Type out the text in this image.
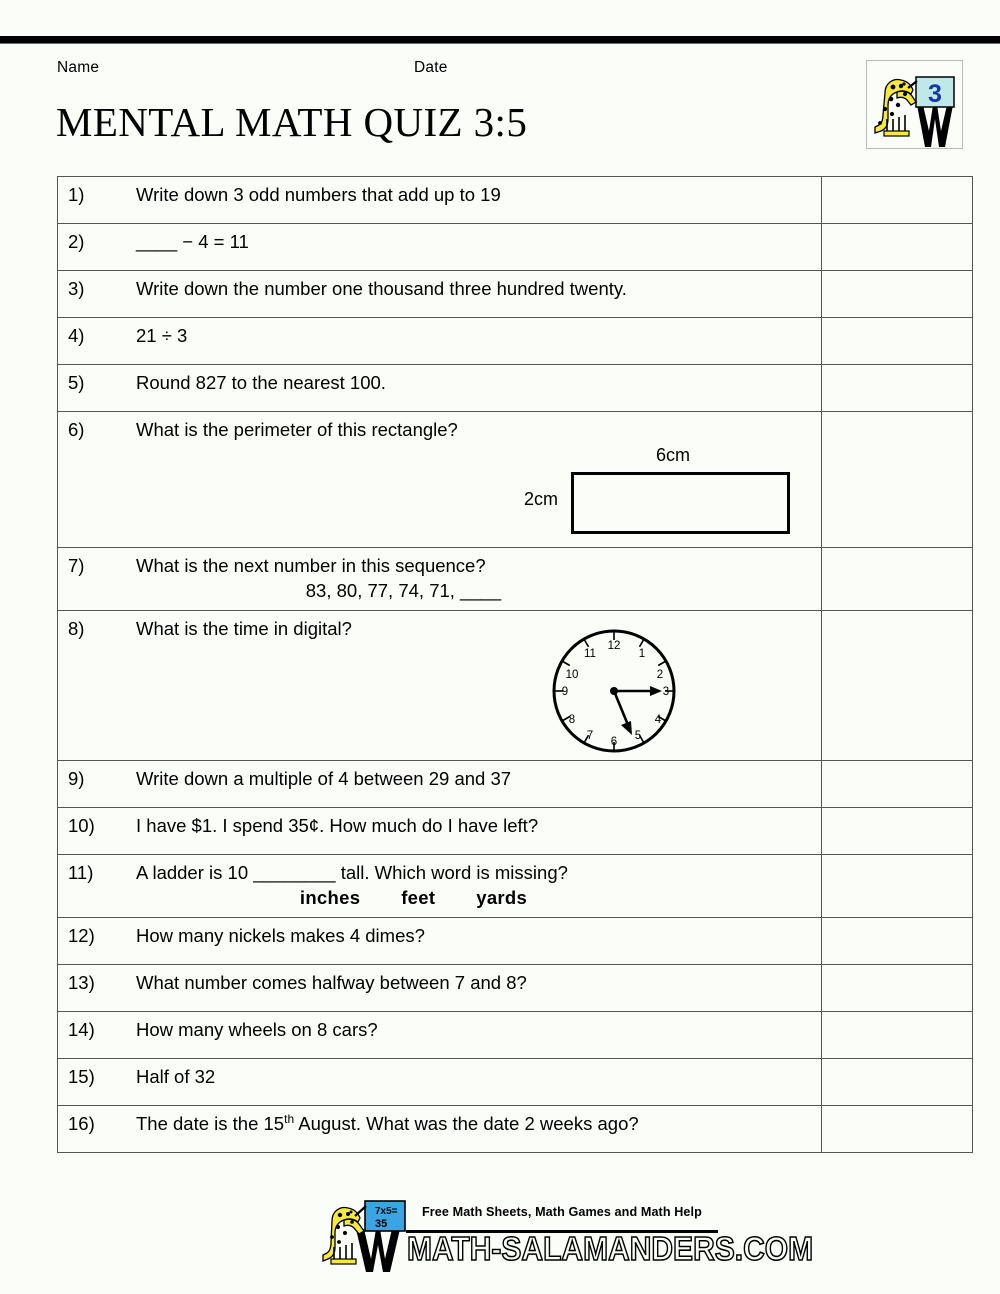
Name	Date
MENTAL MATH QUIZ 3:5
3
1) Write down 3 odd numbers that add up to 19	

2) ____ − 4 = 11	

3) Write down the number one thousand three hundred twenty.	

4) 21 ÷ 3	

5) Round 827 to the nearest 100.	

6) What is the perimeter of this rectangle?
6cm
2cm	

7) What is the next number in this sequence?
83, 80, 77, 74, 71, ____	

8)	What is the time in digital?
12
1
2
3
4
5
6
7
8
9
10
11

9) Write down a multiple of 4 between 29 and 37	

10) I have $1. I spend 35¢. How much do I have left?	

11) A ladder is 10 ________ tall. Which word is missing?
inches feet yards	

12) How many nickels makes 4 dimes?	

13) What number comes halfway between 7 and 8?	

14) How many wheels on 8 cars?	

15) Half of 32	

16) The date is the 15th August. What was the date 2 weeks ago?	

7x5=
35
Free Math Sheets, Math Games and Math Help
MATH-SALAMANDERS.COM
